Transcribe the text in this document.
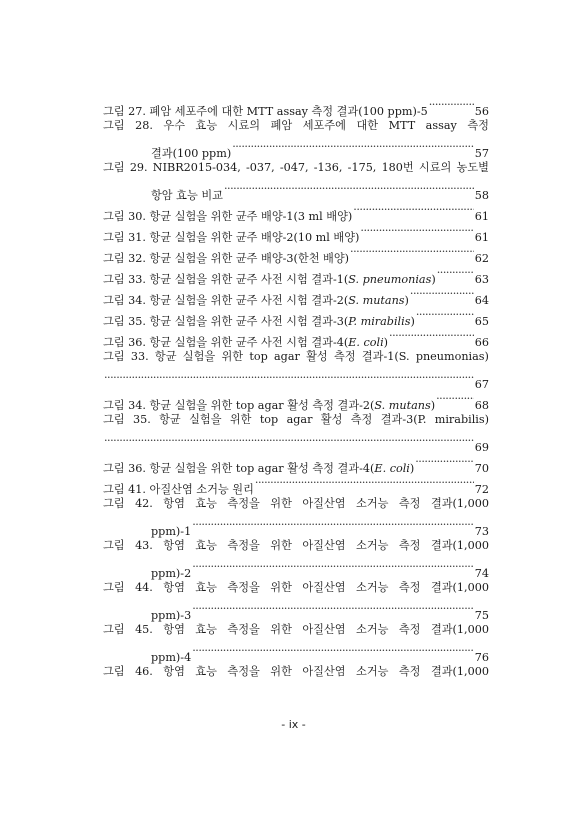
그림 27. 폐암 세포주에 대한 MTT assay 측정 결과(100 ppm)-5 ·····	56
그림 28. 우수 효능 시료의 폐암 세포주에 대한 MTT assay 측정
결과(100 ppm) ·····	57
그림 29. NIBR2015-034, -037, -047, -136, -175, 180번 시료의 농도별
항암 효능 비교 ·····	58
그림 30. 항균 실험을 위한 균주 배양-1(3 ml 배양) ·····	61
그림 31. 항균 실험을 위한 균주 배양-2(10 ml 배양) ·····	61
그림 32. 항균 실험을 위한 균주 배양-3(한천 배양) ·····	62
그림 33. 항균 실험을 위한 균주 사전 시험 결과-1(S. pneumonias) ·····	63
그림 34. 항균 실험을 위한 균주 사전 시험 결과-2(S. mutans) ·····	64
그림 35. 항균 실험을 위한 균주 사전 시험 결과-3(P. mirabilis) ·····	65
그림 36. 항균 실험을 위한 균주 사전 시험 결과-4(E. coli) ·····	66
그림 33. 항균 실험을 위한 top agar 활성 측정 결과-1(S. pneumonias)
·····
67
그림 34. 항균 실험을 위한 top agar 활성 측정 결과-2(S. mutans) ·····	68
그림 35. 항균 실험을 위한 top agar 활성 측정 결과-3(P. mirabilis)
·····
69
그림 36. 항균 실험을 위한 top agar 활성 측정 결과-4(E. coli) ·····	70
그림 41. 아질산염 소거능 원리 ·····	72
그림 42. 항염 효능 측정을 위한 아질산염 소거능 측정 결과(1,000
ppm)-1 ·····	73
그림 43. 항염 효능 측정을 위한 아질산염 소거능 측정 결과(1,000
ppm)-2 ·····	74
그림 44. 항염 효능 측정을 위한 아질산염 소거능 측정 결과(1,000
ppm)-3 ·····	75
그림 45. 항염 효능 측정을 위한 아질산염 소거능 측정 결과(1,000
ppm)-4 ·····	76
그림 46. 항염 효능 측정을 위한 아질산염 소거능 측정 결과(1,000
- ix -
